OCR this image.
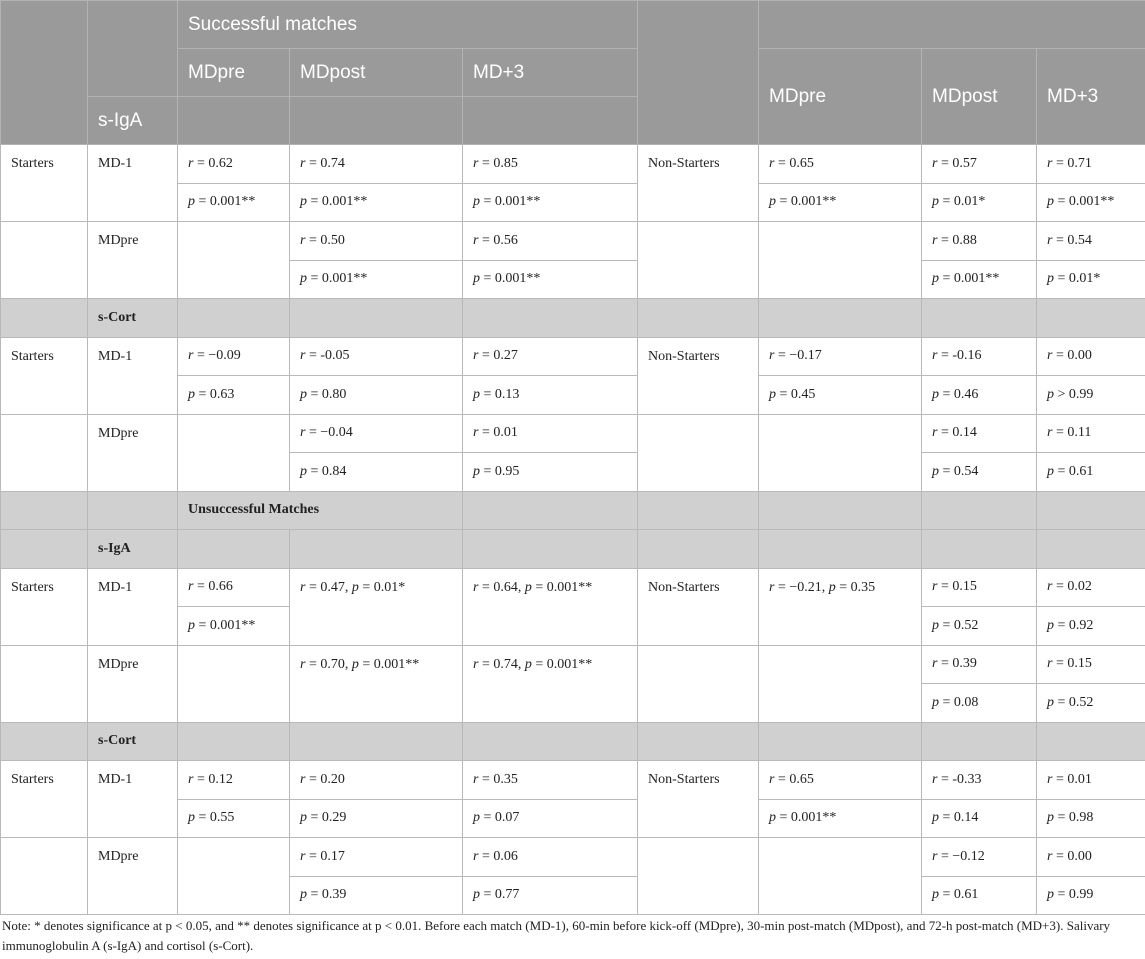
		Successful matches						
		MDpre	MDpost	MD+3		MDpre	MDpost	MD+3
	s-IgA							
Starters	MD-1	r = 0.62	r = 0.74	r = 0.85	Non-Starters	r = 0.65	r = 0.57	r = 0.71
		p = 0.001**	p = 0.001**	p = 0.001**		p = 0.001**	p = 0.01*	p = 0.001**
	MDpre		r = 0.50	r = 0.56			r = 0.88	r = 0.54
			p = 0.001**	p = 0.001**			p = 0.001**	p = 0.01*
	s-Cort							
Starters	MD-1	r = −0.09	r = -0.05	r = 0.27	Non-Starters	r = −0.17	r = -0.16	r = 0.00
		p = 0.63	p = 0.80	p = 0.13		p = 0.45	p = 0.46	p > 0.99
	MDpre		r = −0.04	r = 0.01			r = 0.14	r = 0.11
			p = 0.84	p = 0.95			p = 0.54	p = 0.61
		Unsuccessful Matches						
	s-IgA							
Starters	MD-1	r = 0.66	r = 0.47, p = 0.01*	r = 0.64, p = 0.001**	Non-Starters	r = −0.21, p = 0.35	r = 0.15	r = 0.02
		p = 0.001**					p = 0.52	p = 0.92
	MDpre		r = 0.70, p = 0.001**	r = 0.74, p = 0.001**			r = 0.39	r = 0.15
							p = 0.08	p = 0.52
	s-Cort							
Starters	MD-1	r = 0.12	r = 0.20	r = 0.35	Non-Starters	r = 0.65	r = -0.33	r = 0.01
		p = 0.55	p = 0.29	p = 0.07		p = 0.001**	p = 0.14	p = 0.98
	MDpre		r = 0.17	r = 0.06			r = −0.12	r = 0.00
			p = 0.39	p = 0.77			p = 0.61	p = 0.99
Note: * denotes significance at p < 0.05, and ** denotes significance at p < 0.01. Before each match (MD-1), 60-min before kick-off (MDpre), 30-min post-match (MDpost), and 72-h post-match (MD+3). Salivary immunoglobulin A (s-IgA) and cortisol (s-Cort).
